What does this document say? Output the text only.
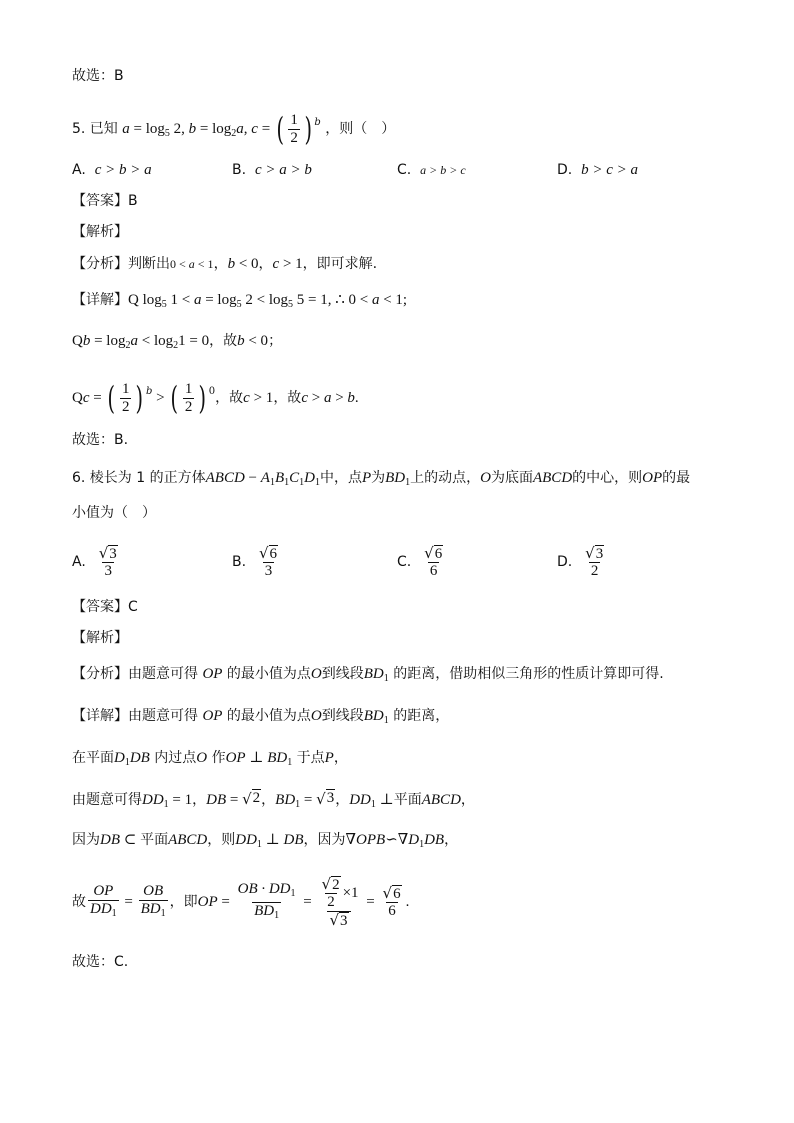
故选：B
5. 已知 $a = \log_5 2$, $b = \log_2a$, c = ( $\frac{1}{2}$ ) $^b$ ，则（　）
A. c > b > a	B. c > a > b	C. a > b > c	D. b > c > a
【答案】B
【解析】
【分析】判断出0 < a < 1，b < 0，c > 1，即可求解.
【详解】Q $\log_5 1 < a = \log_5 2 < \log_5 5 = 1$, ∴ 0 < a < 1;
$Qb = \log_2a < \log_21 = 0$，故b < 0；
Qc = ( $\frac{1}{2}$ ) $^b$ > ( $\frac{1}{2}$ ) $^0$，故c > 1，故c > a > b.
故选：B.
6. 棱长为 1 的正方体ABCD − $A_1B_1C_1D_1$中，点P为$BD_1$上的动点，O为底面ABCD的中心，则OP的最
小值为（　）
A. $\frac{√ 3}{3}$	B. $\frac{√ 6}{3}$	C. $\frac{√ 6}{6}$	D. $\frac{√ 3}{2}$
【答案】C
【解析】
【分析】由题意可得 OP 的最小值为点O到线段$BD_1$ 的距离，借助相似三角形的性质计算即可得.
【详解】由题意可得 OP 的最小值为点O到线段$BD_1$ 的距离，
在平面$D_1DB$ 内过点O 作OP ⊥ $BD_1$ 于点P，
由题意可得$DD_1 = 1$，DB = √ 2 ，$BD_1$ = √ 3 ，$DD_1$ ⊥平面ABCD，
因为DB ⊂ 平面ABCD，则$DD_1$ ⊥ DB，因为$\nabla OPB∽\nabla D_1DB$，
故 $\frac{OP}{DD_1} = \frac{OB}{BD_1}$ ，即OP = $\frac{OB \cdot DD_1}{BD_1} = \frac{\frac{√ 2}{2} \times 1}{√ 3} = \frac{√ 6}{6}$ .
故选：C.
